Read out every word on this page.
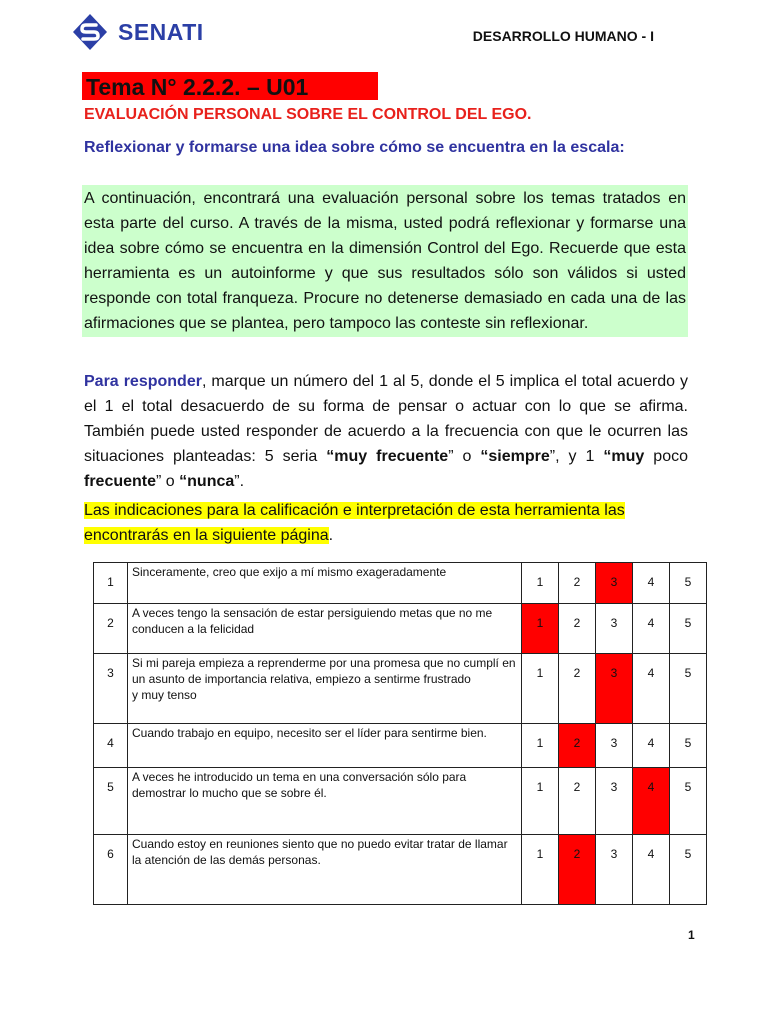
SENATI	DESARROLLO HUMANO - I
Tema N° 2.2.2. – U01
EVALUACIÓN PERSONAL SOBRE EL CONTROL DEL EGO.
Reflexionar y formarse una idea sobre cómo se encuentra en la escala:
A continuación, encontrará una evaluación personal sobre los temas tratados en esta parte del curso. A través de la misma, usted podrá reflexionar y formarse una idea sobre cómo se encuentra en la dimensión Control del Ego. Recuerde que esta herramienta es un autoinforme y que sus resultados sólo son válidos si usted responde con total franqueza. Procure no detenerse demasiado en cada una de las afirmaciones que se plantea, pero tampoco las conteste sin reflexionar.
Para responder, marque un número del 1 al 5, donde el 5 implica el total acuerdo y el 1 el total desacuerdo de su forma de pensar o actuar con lo que se afirma. También puede usted responder de acuerdo a la frecuencia con que le ocurren las situaciones planteadas: 5 seria “muy frecuente” o “siempre”, y 1 “muy poco frecuente” o “nunca”.
Las indicaciones para la calificación e interpretación de esta herramienta las encontrarás en la siguiente página.
1	Sinceramente, creo que exijo a mí mismo exageradamente	1	2	3	4	5
2	A veces tengo la sensación de estar persiguiendo metas que no me conducen a la felicidad	1	2	3	4	5
3	Si mi pareja empieza a reprenderme por una promesa que no cumplí en un asunto de importancia relativa, empiezo a sentirme frustrado
y muy tenso	1	2	3	4	5
4	Cuando trabajo en equipo, necesito ser el líder para sentirme bien.	1	2	3	4	5
5	A veces he introducido un tema en una conversación sólo para demostrar lo mucho que se sobre él.	1	2	3	4	5
6	Cuando estoy en reuniones siento que no puedo evitar tratar de llamar la atención de las demás personas.	1	2	3	4	5
1
